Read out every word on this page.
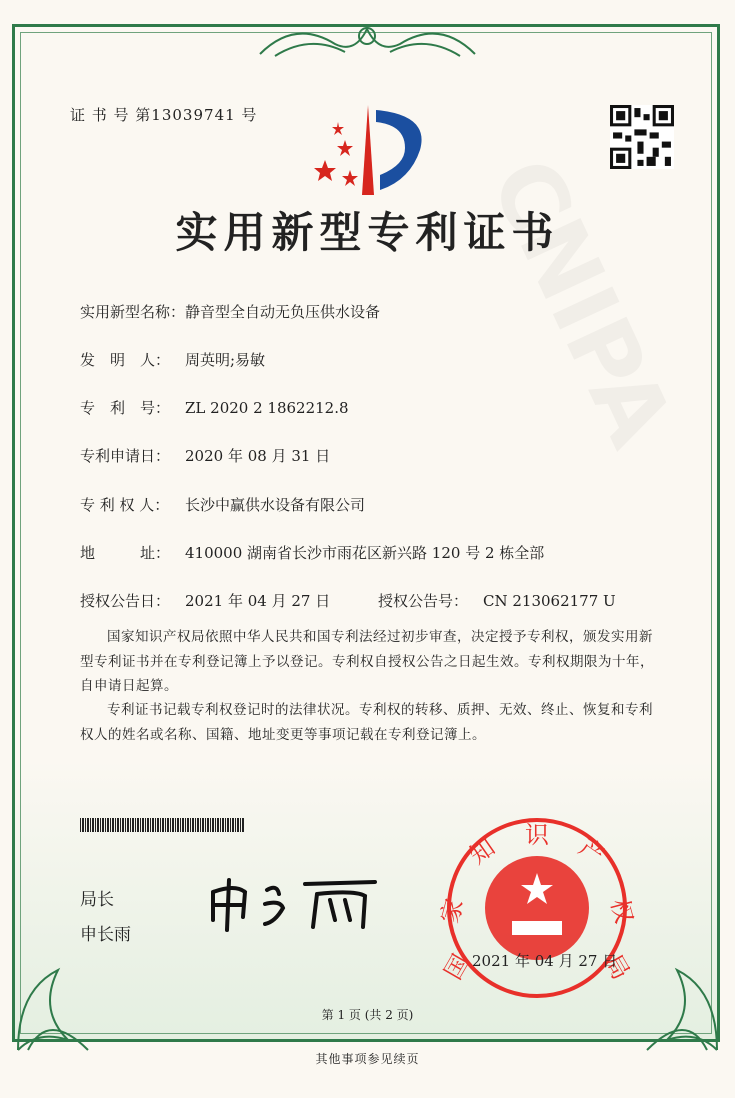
证 书 号 第13039741 号
实用新型专利证书
实用新型名称：静音型全自动无负压供水设备
发　明　人： 周英明;易敏
专　利　号： ZL 2020 2 1862212.8
专利申请日： 2020 年 08 月 31 日
专 利 权 人： 长沙中赢供水设备有限公司
地　　　址： 410000 湖南省长沙市雨花区新兴路 120 号 2 栋全部
授权公告日： 2021 年 04 月 27 日	授权公告号： CN 213062177 U
国家知识产权局依照中华人民共和国专利法经过初步审查，决定授予专利权，颁发实用新型专利证书并在专利登记簿上予以登记。专利权自授权公告之日起生效。专利权期限为十年，自申请日起算。
专利证书记载专利权登记时的法律状况。专利权的转移、质押、无效、终止、恢复和专利权人的姓名或名称、国籍、地址变更等事项记载在专利登记簿上。
局长
申长雨
国
家
知 识 产
权
局
2021 年 04 月 27 日
第 1 页 (共 2 页)
其他事项参见续页
